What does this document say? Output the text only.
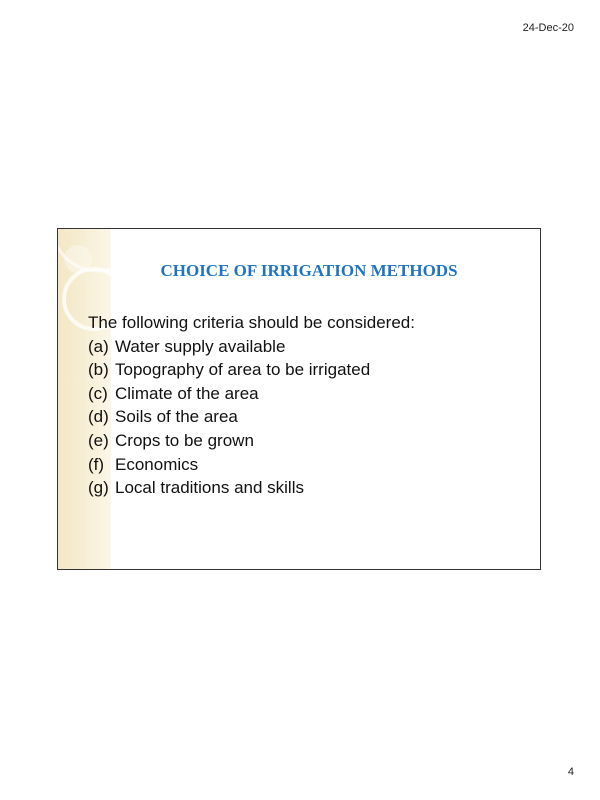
24-Dec-20
CHOICE OF IRRIGATION METHODS

The following criteria should be considered:

(a) Water supply available
(b) Topography of area to be irrigated
(c) Climate of the area
(d) Soils of the area
(e) Crops to be grown
(f) Economics
(g) Local traditions and skills
4
